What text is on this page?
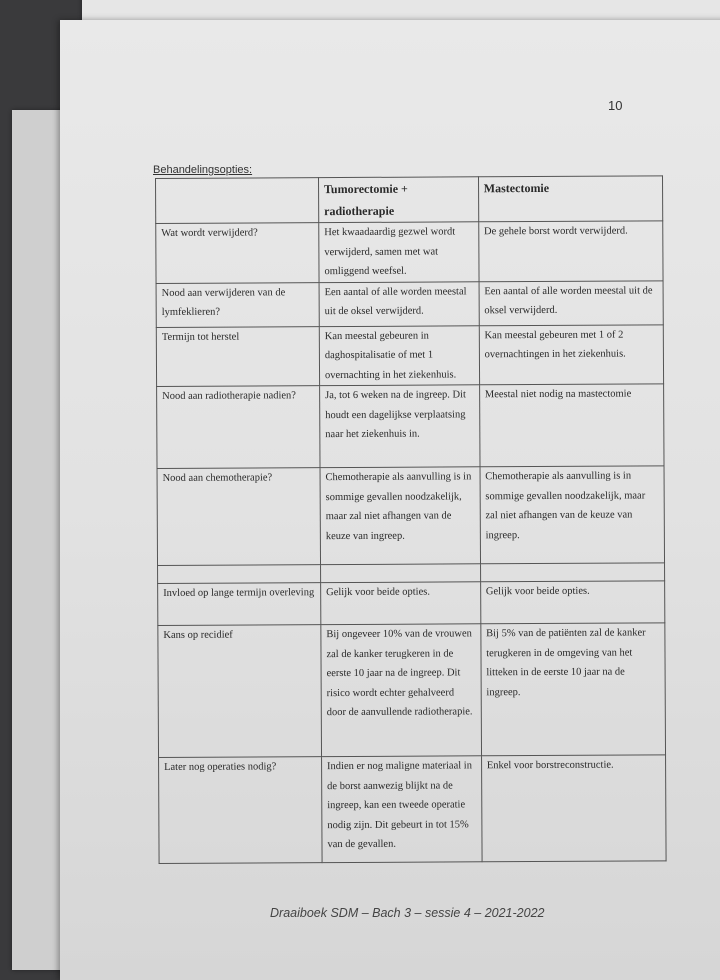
10
Behandelingsopties:
	Tumorectomie + radiotherapie	Mastectomie
Wat wordt verwijderd?	Het kwaadaardig gezwel wordt verwijderd, samen met wat omliggend weefsel.	De gehele borst wordt verwijderd.
Nood aan verwijderen van de lymfeklieren?	Een aantal of alle worden meestal uit de oksel verwijderd.	Een aantal of alle worden meestal uit de oksel verwijderd.
Termijn tot herstel	Kan meestal gebeuren in daghospitalisatie of met 1 overnachting in het ziekenhuis.	Kan meestal gebeuren met 1 of 2 overnachtingen in het ziekenhuis.
Nood aan radiotherapie nadien?	Ja, tot 6 weken na de ingreep. Dit houdt een dagelijkse verplaatsing naar het ziekenhuis in.	Meestal niet nodig na mastectomie
Nood aan chemotherapie?	Chemotherapie als aanvulling is in sommige gevallen noodzakelijk, maar zal niet afhangen van de keuze van ingreep.	Chemotherapie als aanvulling is in sommige gevallen noodzakelijk, maar zal niet afhangen van de keuze van ingreep.

Invloed op lange termijn overleving	Gelijk voor beide opties.	Gelijk voor beide opties.
Kans op recidief	Bij ongeveer 10% van de vrouwen zal de kanker terugkeren in de eerste 10 jaar na de ingreep. Dit risico wordt echter gehalveerd door de aanvullende radiotherapie.	Bij 5% van de patiënten zal de kanker terugkeren in de omgeving van het litteken in de eerste 10 jaar na de ingreep.
Later nog operaties nodig?	Indien er nog maligne materiaal in de borst aanwezig blijkt na de ingreep, kan een tweede operatie nodig zijn. Dit gebeurt in tot 15% van de gevallen.	Enkel voor borstreconstructie.
Draaiboek SDM – Bach 3 – sessie 4 – 2021-2022
